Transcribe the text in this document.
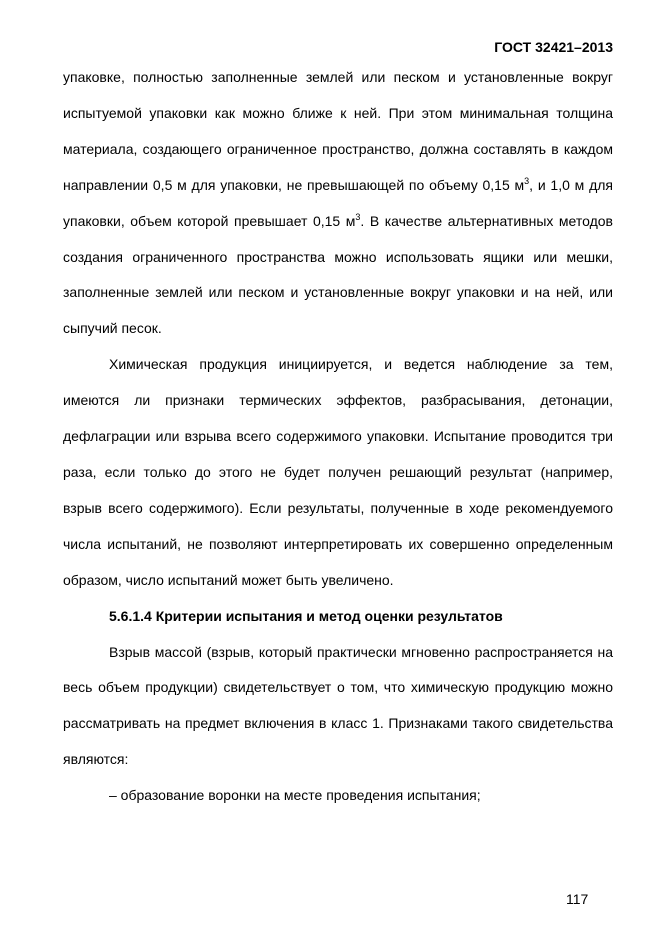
ГОСТ 32421–2013

упаковке, полностью заполненные землей или песком и установленные вокруг испытуемой упаковки как можно ближе к ней. При этом минимальная толщина материала, создающего ограниченное пространство, должна составлять в каждом направлении 0,5 м для упаковки, не превышающей по объему 0,15 $м^3$, и 1,0 м для упаковки, объем которой превышает 0,15 $м^3$. В качестве альтернативных методов создания ограниченного пространства можно использовать ящики или мешки, заполненные землей или песком и установленные вокруг упаковки и на ней, или сыпучий песок.

Химическая продукция инициируется, и ведется наблюдение за тем, имеются ли признаки термических эффектов, разбрасывания, детонации, дефлаграции или взрыва всего содержимого упаковки. Испытание проводится три раза, если только до этого не будет получен решающий результат (например, взрыв всего содержимого). Если результаты, полученные в ходе рекомендуемого числа испытаний, не позволяют интерпретировать их совершенно определенным образом, число испытаний может быть увеличено.

5.6.1.4 Критерии испытания и метод оценки результатов

Взрыв массой (взрыв, который практически мгновенно распространяется на весь объем продукции) свидетельствует о том, что химическую продукцию можно рассматривать на предмет включения в класс 1. Признаками такого свидетельства являются:

– образование воронки на месте проведения испытания;

117
